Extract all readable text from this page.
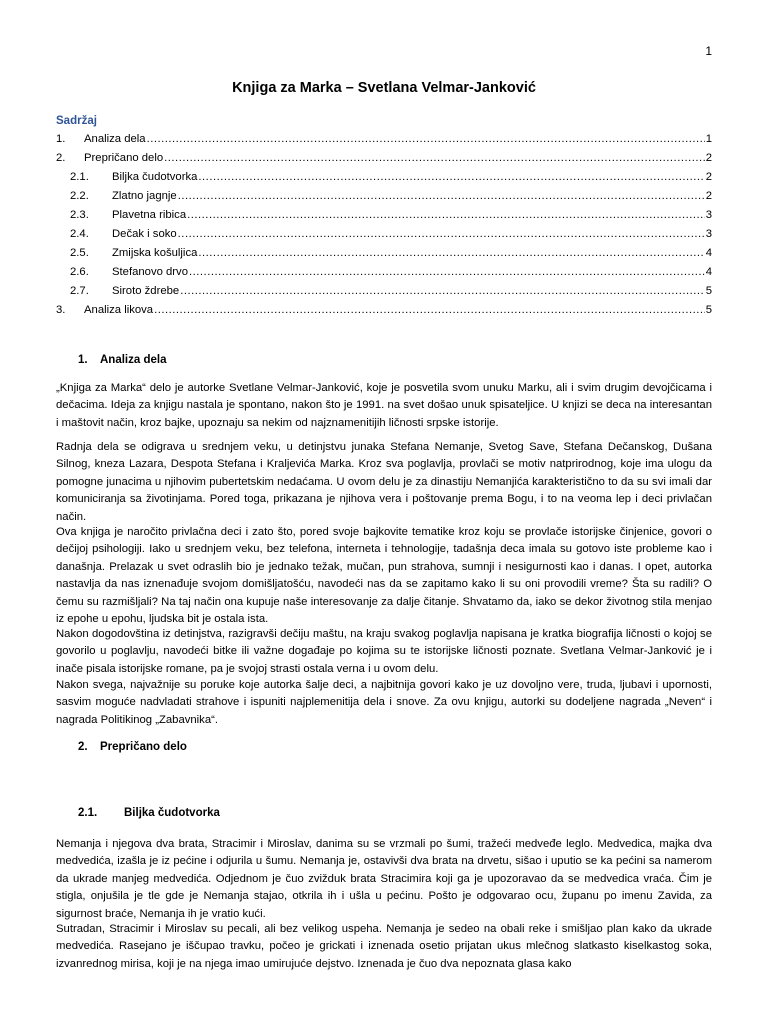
1
Knjiga za Marka – Svetlana Velmar-Janković
Sadržaj
1.	Analiza dela .....	1
2.	Prepričano delo .....	2
2.1.	Biljka čudotvorka .....	2
2.2.	Zlatno jagnje .....	2
2.3.	Plavetna ribica .....	3
2.4.	Dečak i soko .....	3
2.5.	Zmijska košuljica .....	4
2.6.	Stefanovo drvo .....	4
2.7.	Siroto ždrebe .....	5
3.	Analiza likova .....	5
1. Analiza dela

„Knjiga za Marka“ delo je autorke Svetlane Velmar-Janković, koje je posvetila svom unuku Marku, ali i svim drugim devojčicama i dečacima. Ideja za knjigu nastala je spontano, nakon što je 1991. na svet došao unuk spisateljice. U knjizi se deca na interesantan i maštovit način, kroz bajke, upoznaju sa nekim od najznamenitijih ličnosti srpske istorije.

Radnja dela se odigrava u srednjem veku, u detinjstvu junaka Stefana Nemanje, Svetog Save, Stefana Dečanskog, Dušana Silnog, kneza Lazara, Despota Stefana i Kraljevića Marka. Kroz sva poglavlja, provlači se motiv natprirodnog, koje ima ulogu da pomogne junacima u njihovim pubertetskim nedaćama. U ovom delu je za dinastiju Nemanjića karakteristično to da su svi imali dar komuniciranja sa životinjama. Pored toga, prikazana je njihova vera i poštovanje prema Bogu, i to na veoma lep i deci privlačan način.

Ova knjiga je naročito privlačna deci i zato što, pored svoje bajkovite tematike kroz koju se provlače istorijske činjenice, govori o dečijoj psihologiji. Iako u srednjem veku, bez telefona, interneta i tehnologije, tadašnja deca imala su gotovo iste probleme kao i današnja. Prelazak u svet odraslih bio je jednako težak, mučan, pun strahova, sumnji i nesigurnosti kao i danas. I opet, autorka nastavlja da nas iznenađuje svojom domišljatošću, navodeći nas da se zapitamo kako li su oni provodili vreme? Šta su radili? O čemu su razmišljali? Na taj način ona kupuje naše interesovanje za dalje čitanje. Shvatamo da, iako se dekor životnog stila menjao iz epohe u epohu, ljudska bit je ostala ista.

Nakon dogodovština iz detinjstva, razigravši dečiju maštu, na kraju svakog poglavlja napisana je kratka biografija ličnosti o kojoj se govorilo u poglavlju, navodeći bitke ili važne događaje po kojima su te istorijske ličnosti poznate. Svetlana Velmar-Janković je i inače pisala istorijske romane, pa je svojoj strasti ostala verna i u ovom delu.

Nakon svega, najvažnije su poruke koje autorka šalje deci, a najbitnija govori kako je uz dovoljno vere, truda, ljubavi i upornosti, sasvim moguće nadvladati strahove i ispuniti najplemenitija dela i snove. Za ovu knjigu, autorki su dodeljene nagrada „Neven“ i nagrada Politikinog „Zabavnika“.

2. Prepričano delo
2.1. Biljka čudotvorka

Nemanja i njegova dva brata, Stracimir i Miroslav, danima su se vrzmali po šumi, tražeći medveđe leglo. Medvedica, majka dva medvedića, izašla je iz pećine i odjurila u šumu. Nemanja je, ostavivši dva brata na drvetu, sišao i uputio se ka pećini sa namerom da ukrade manjeg medvedića. Odjednom je čuo zvižduk brata Stracimira koji ga je upozoravao da se medvedica vraća. Čim je stigla, onjušila je tle gde je Nemanja stajao, otkrila ih i ušla u pećinu. Pošto je odgovarao ocu, županu po imenu Zavida, za sigurnost braće, Nemanja ih je vratio kući.

Sutradan, Stracimir i Miroslav su pecali, ali bez velikog uspeha. Nemanja je sedeo na obali reke i smišljao plan kako da ukrade medvedića. Rasejano je iščupao travku, počeo je grickati i iznenada osetio prijatan ukus mlečnog slatkasto kiselkastog soka, izvanrednog mirisa, koji je na njega imao umirujuće dejstvo. Iznenada je čuo dva nepoznata glasa kako
